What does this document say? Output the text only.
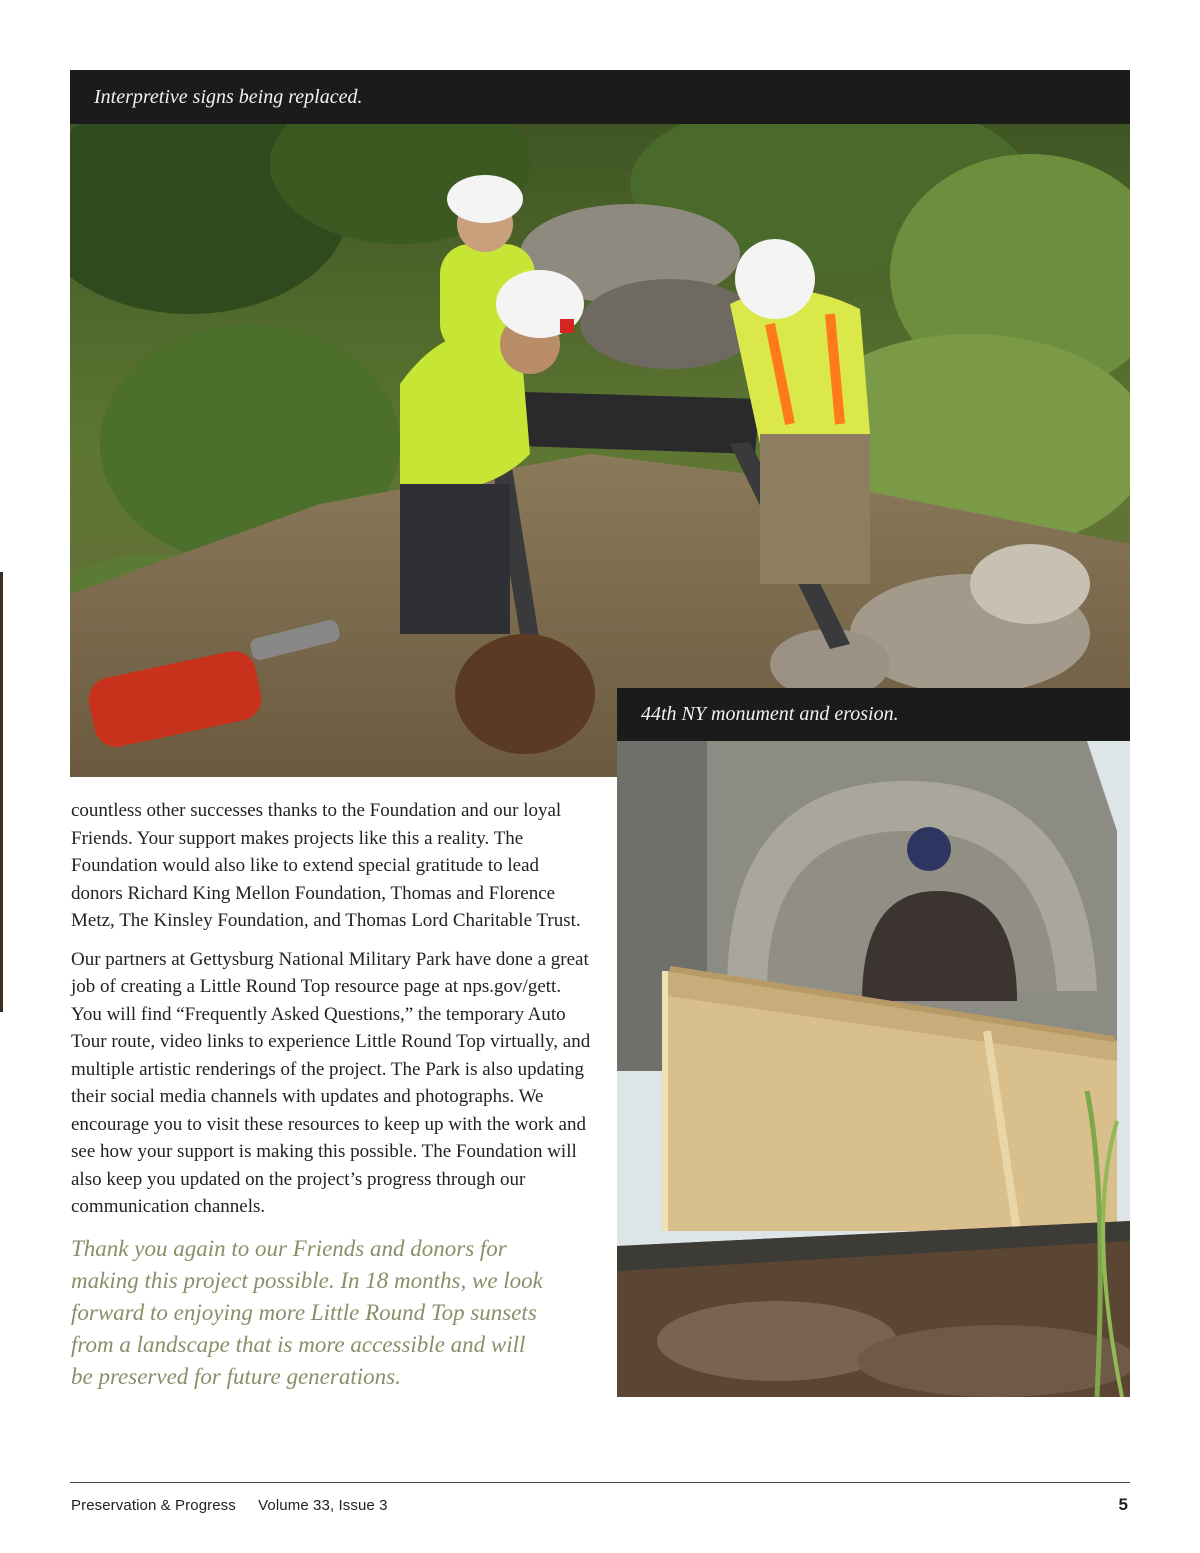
Interpretive signs being replaced.
44th NY monument and erosion.

countless other successes thanks to the Foundation and our loyal Friends. Your support makes projects like this a reality. The Foundation would also like to extend special gratitude to lead donors Richard King Mellon Foundation, Thomas and Florence Metz, The Kinsley Foundation, and Thomas Lord Charitable Trust.

Our partners at Gettysburg National Military Park have done a great job of creating a Little Round Top resource page at nps.gov/gett. You will find “Frequently Asked Questions,” the temporary Auto Tour route, video links to experience Little Round Top virtually, and multiple artistic renderings of the project. The Park is also updating their social media channels with updates and photographs. We encourage you to visit these resources to keep up with the work and see how your support is making this possible. The Foundation will also keep you updated on the project’s progress through our communication channels.

Thank you again to our Friends and donors for making this project possible. In 18 months, we look forward to enjoying more Little Round Top sunsets from a landscape that is more accessible and will be preserved for future generations.
Preservation & Progress Volume 33, Issue 3	5
